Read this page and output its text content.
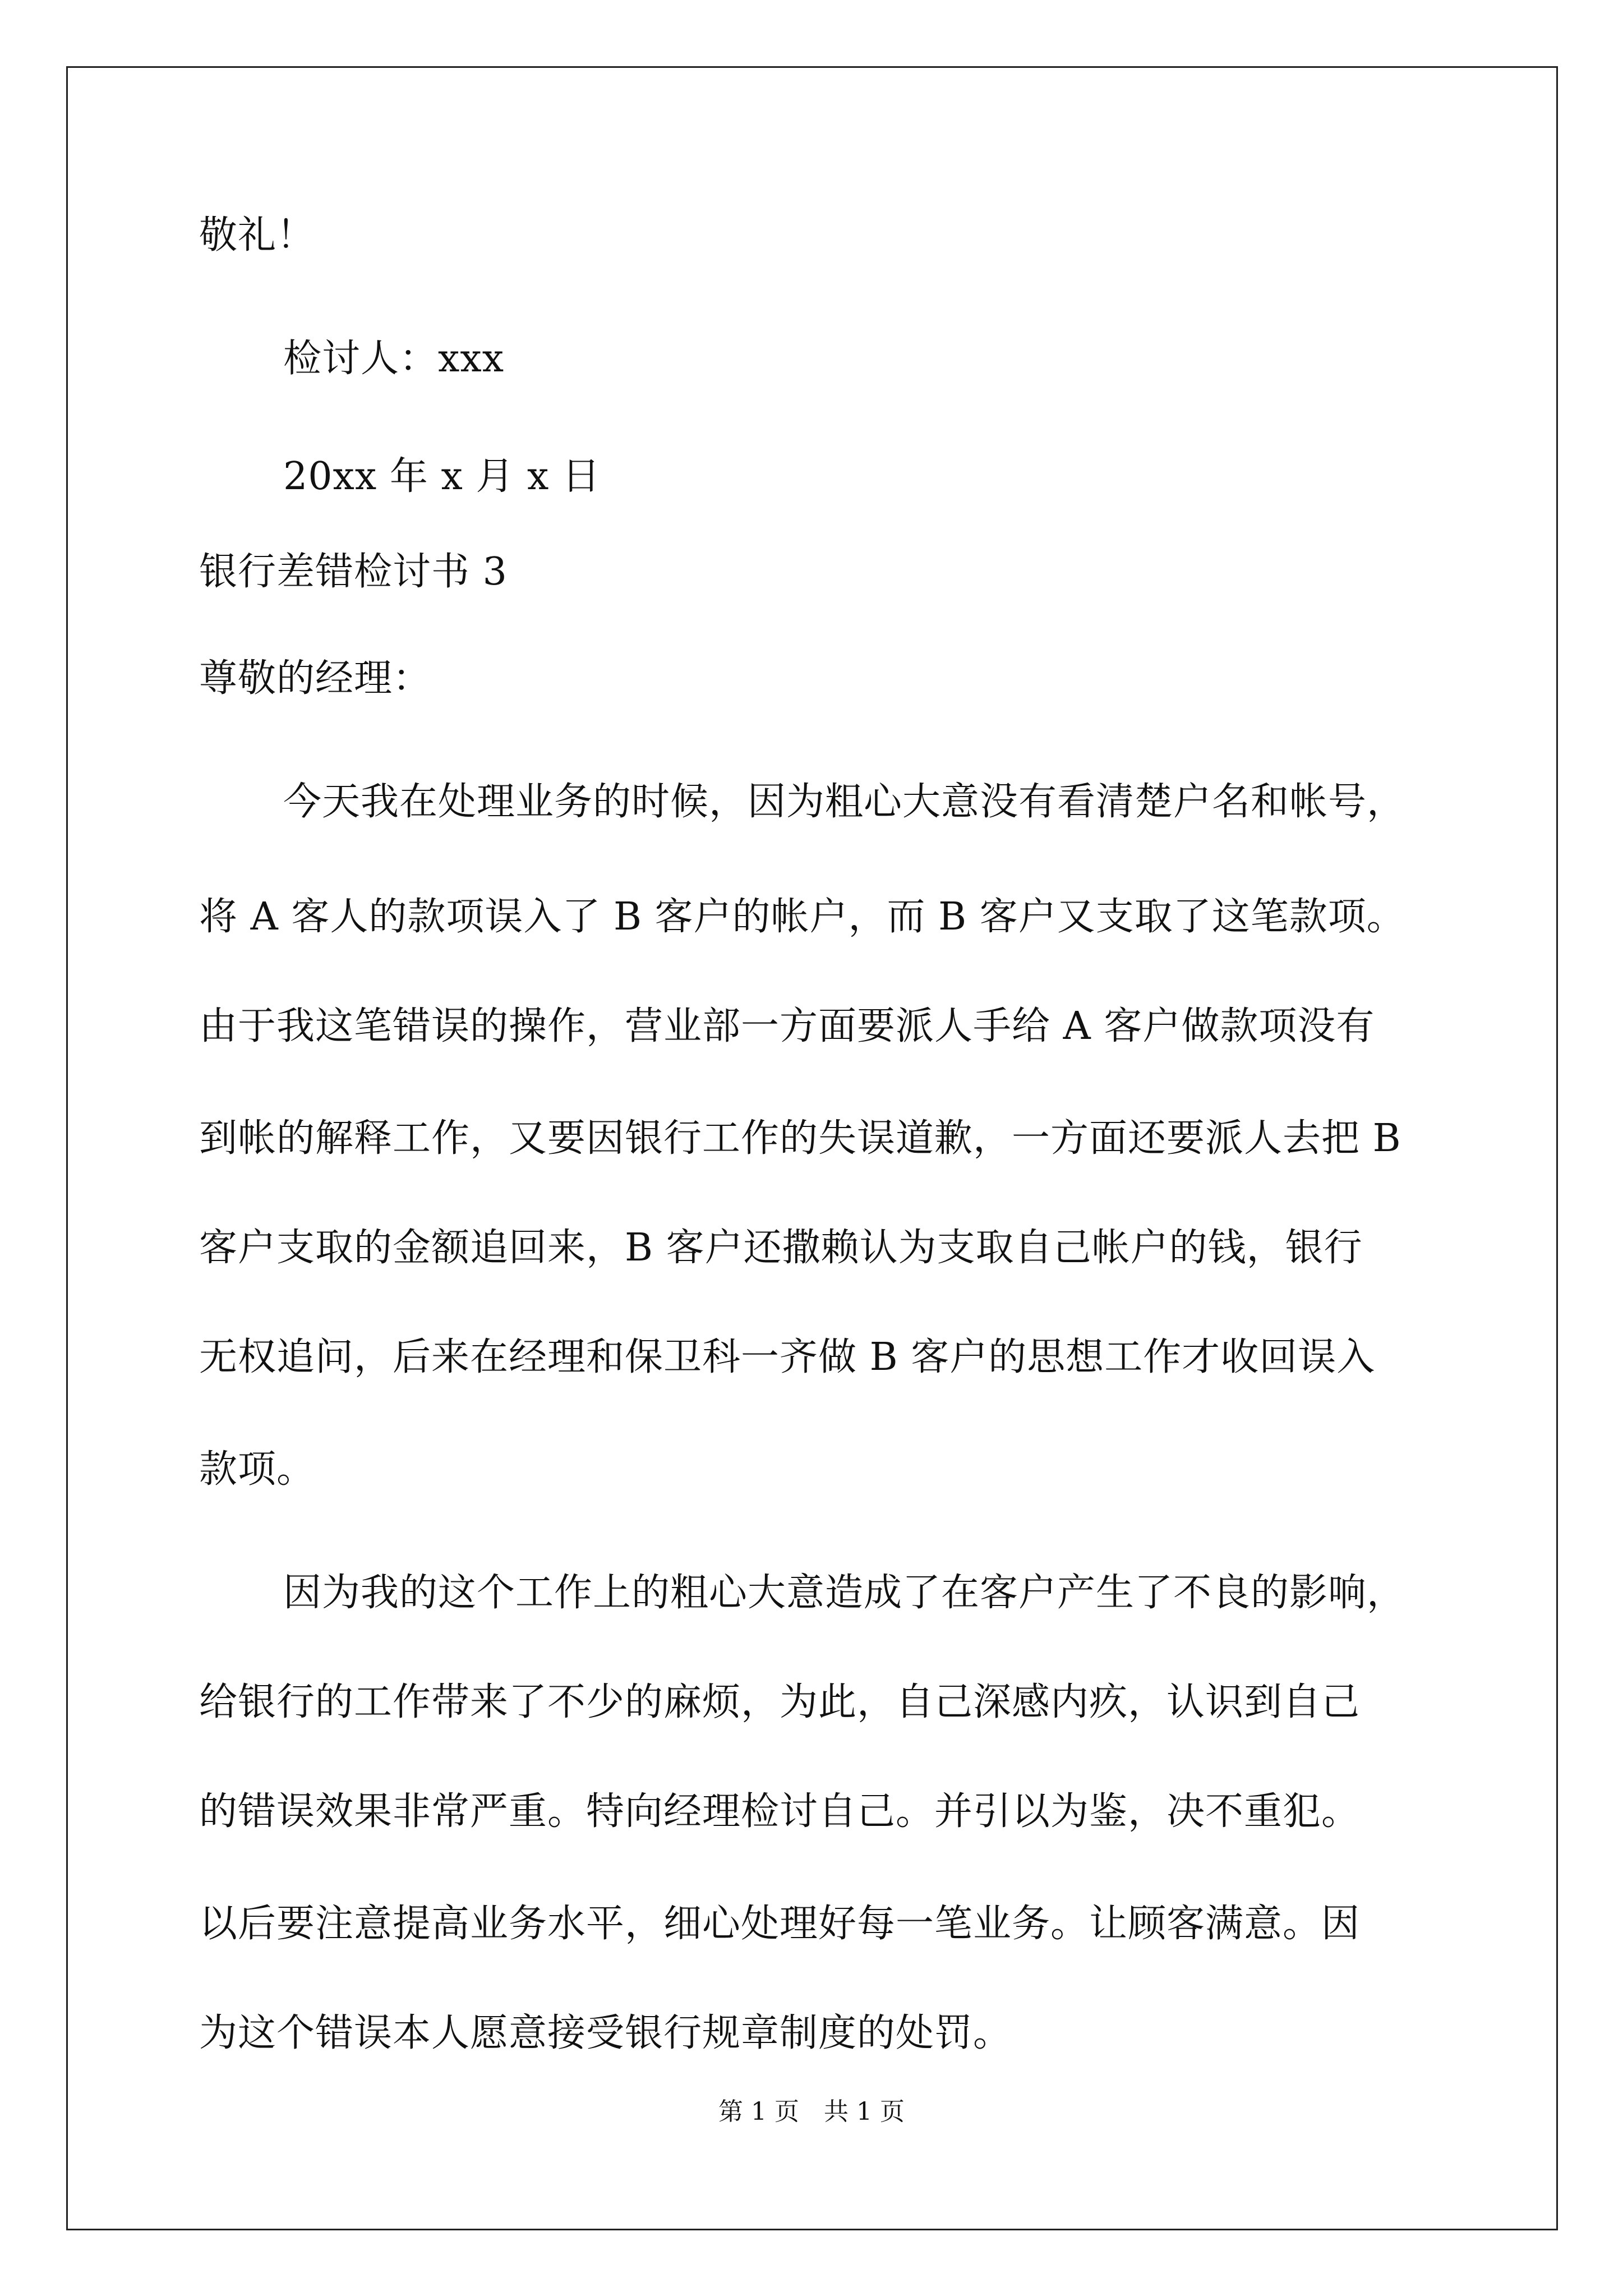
敬礼！
检讨人：xxx
20xx 年 x 月 x 日
银行差错检讨书 3
尊敬的经理：
今天我在处理业务的时候，因为粗心大意没有看清楚户名和帐号，
将 A 客人的款项误入了 B 客户的帐户，而 B 客户又支取了这笔款项。
由于我这笔错误的操作，营业部一方面要派人手给 A 客户做款项没有
到帐的解释工作，又要因银行工作的失误道歉，一方面还要派人去把 B
客户支取的金额追回来，B 客户还撒赖认为支取自己帐户的钱，银行
无权追问，后来在经理和保卫科一齐做 B 客户的思想工作才收回误入
款项。
因为我的这个工作上的粗心大意造成了在客户产生了不良的影响，
给银行的工作带来了不少的麻烦，为此，自己深感内疚，认识到自己
的错误效果非常严重。特向经理检讨自己。并引以为鉴，决不重犯。
以后要注意提高业务水平，细心处理好每一笔业务。让顾客满意。因
为这个错误本人愿意接受银行规章制度的处罚。
第 1 页　共 1 页
